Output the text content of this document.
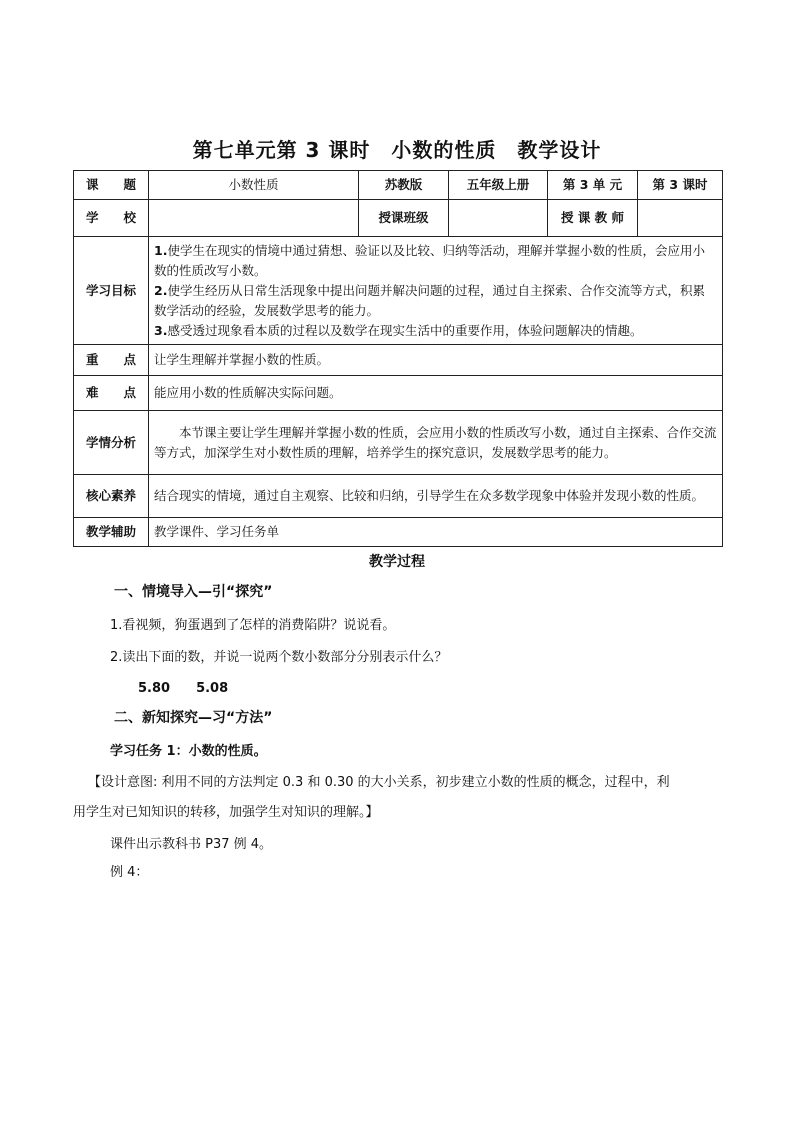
第七单元第 3 课时　小数的性质　教学设计
课　　题	小数性质	苏教版	五年级上册	第 3 单 元	第 3 课时
学　　校		授课班级		授 课 教 师	
学习目标	1.使学生在现实的情境中通过猜想、验证以及比较、归纳等活动，理解并掌握小数的性质，会应用小数的性质改写小数。

2.使学生经历从日常生活现象中提出问题并解决问题的过程，通过自主探索、合作交流等方式，积累数学活动的经验，发展数学思考的能力。

3.感受透过现象看本质的过程以及数学在现实生活中的重要作用，体验问题解决的情趣。				

重　　点	让学生理解并掌握小数的性质。				
难　　点	能应用小数的性质解决实际问题。				
学情分析	本节课主要让学生理解并掌握小数的性质，会应用小数的性质改写小数，通过自主探索、合作交流等方式，加深学生对小数性质的理解，培养学生的探究意识，发展数学思考的能力。				
核心素养	结合现实的情境，通过自主观察、比较和归纳，引导学生在众多数学现象中体验并发现小数的性质。				
教学辅助	教学课件、学习任务单				
教学过程
一、情境导入—引“探究”
1.看视频，狗蛋遇到了怎样的消费陷阱？说说看。
2.读出下面的数，并说一说两个数小数部分分别表示什么？
5.80　　5.08
二、新知探究—习“方法”
学习任务 1：小数的性质。
【设计意图: 利用不同的方法判定 0.3 和 0.30 的大小关系，初步建立小数的性质的概念，过程中，利
用学生对已知知识的转移，加强学生对知识的理解。】
课件出示教科书 P37 例 4。
例 4：
